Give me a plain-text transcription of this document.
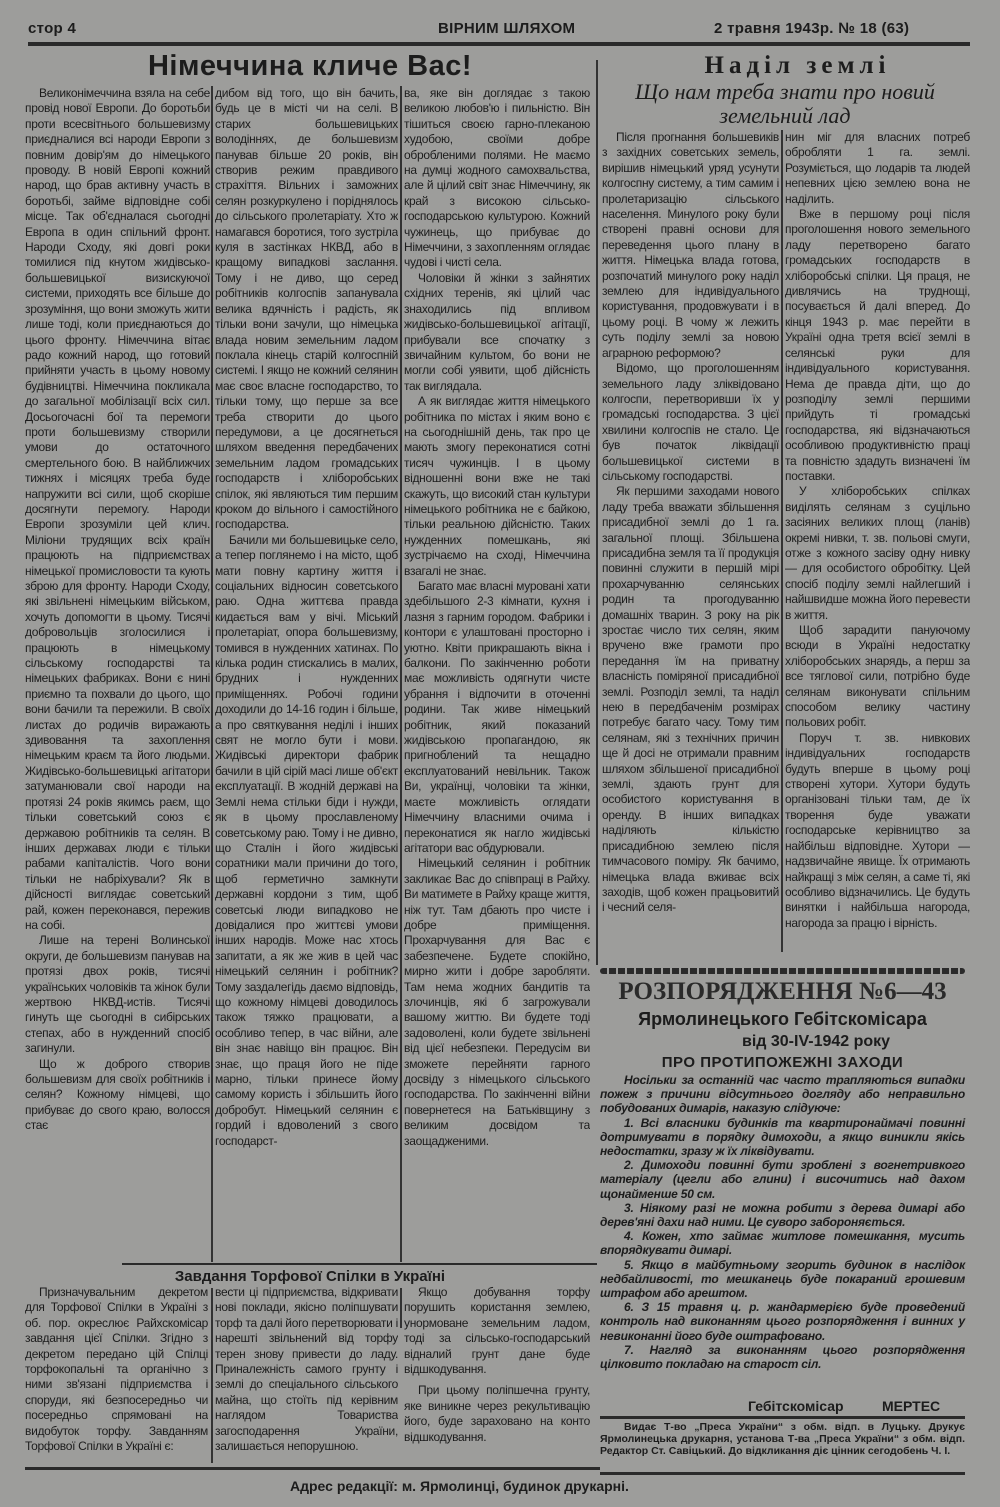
стор 4	ВІРНИМ ШЛЯХОМ	2 травня 1943р. № 18 (63)
Німеччина кличе Вас!

Великонімеччина взяла на себе провід нової Европи. До боротьби проти всесвітнього большевизму приєдналися всі народи Европи з повним довір'ям до німецького проводу. В новій Европі кожний народ, що брав активну участь в боротьбі, займе відповідне собі місце. Так об'єдналася сьогодні Европа в один спільний фронт. Народи Сходу, які довгі роки томилися під кнутом жидівсько-большевицької визискуючої системи, приходять все більше до зрозуміння, що вони зможуть жити лише тоді, коли приєднаються до цього фронту. Німеччина вітає радо кожний народ, що готовий прийняти участь в цьому новому будівництві. Німеччина покликала до загальної мобілізації всіх сил. Досьогочасні бої та перемоги проти большевизму створили умови до остаточного смертельного бою. В найближчих тижнях і місяцях треба буде напружити всі сили, щоб скоріше досягнути перемогу. Народи Европи зрозуміли цей клич. Міліони трудящих всіх країн працюють на підприємствах німецької промисловости та кують зброю для фронту. Народи Сходу, які звільнені німецьким військом, хочуть допомогти в цьому. Тисячі добровольців зголосилися і працюють в німецькому сільському господарстві та німецьких фабриках. Вони є нині приємно та похвали до цього, що вони бачили та пережили. В своїх листах до родичів виражають здивовання та захоплення німецьким краєм та його людьми. Жидівсько-большевицькі агітатори затуманювали свої народи на протязі 24 років якимсь раєм, що тільки советський союз є державою робітників та селян. В інших державах люди є тільки рабами капіталістів. Чого вони тільки не набріхували? Як в дійсності виглядає советський рай, кожен переконався, пережив на собі.

Лише на терені Волинської округи, де большевизм панував на протязі двох років, тисячі українських чоловіків та жінок були жертвою НКВД-истів. Тисячі гинуть ще сьогодні в сибірських степах, або в нужденний спосіб загинули.

Що ж доброго створив большевизм для своїх робітників і селян? Кожному німцеві, що прибуває до свого краю, волосся стає

дибом від того, що він бачить, будь це в місті чи на селі. В старих большевицьких володіннях, де большевизм панував більше 20 років, він створив режим правдивого страхіття. Вільних і заможних селян розкуркулено і поріднялось до сільського пролетаріату. Хто ж намагався боротися, того зустріла куля в застінках НКВД, або в кращому випадкові заслання. Тому і не диво, що серед робітників колгоспів запанувала велика вдячність і радість, як тільки вони зачули, що німецька влада новим земельним ладом поклала кінець старій колгоспній системі. І якщо не кожний селянин має своє власне господарство, то тільки тому, що перше за все треба створити до цього передумови, а це досягнеться шляхом введення передбачених земельним ладом громадських господарств і хліборобських спілок, які являються тим першим кроком до вільного і самостійного господарства.

Бачили ми большевицьке село, а тепер поглянемо і на місто, щоб мати повну картину життя і соціальних відносин советського раю. Одна життєва правда кидається вам у вічі. Міський пролетаріат, опора большевизму, томився в нужденних хатинах. По кілька родин стискались в малих, брудних і нужденних приміщеннях. Робочі години доходили до 14-16 годин і більше, а про святкування неділі і інших свят не могло бути і мови. Жидівські директори фабрик бачили в цій сірій масі лише об'єкт експлуатації. В жодній державі на Землі нема стільки біди і нужди, як в цьому прославленому советському раю. Тому і не дивно, що Сталін і його жидівські соратники мали причини до того, щоб герметично замкнути державні кордони з тим, щоб советські люди випадково не довідалися про життєві умови інших народів. Може нас хтось запитати, а як же жив в цей час німецький селянин і робітник? Тому заздалегідь даємо відповідь, що кожному німцеві доводилось також тяжко працювати, а особливо тепер, в час війни, але він знає навіщо він працює. Він знає, що праця його не піде марно, тільки принесе йому самому користь і збільшить його добробут. Німецький селянин є гордий і вдоволений з свого господарст-

ва, яке він доглядає з такою великою любов'ю і пильністю. Він тішиться своєю гарно-плеканою худобою, своїми добре обробленими полями. Не маємо на думці жодного самохвальства, але й цілий світ знає Німеччину, як край з високою сільсько-господарською культурою. Кожний чужинець, що прибуває до Німеччини, з захопленням оглядає чудові і чисті села.

Чоловіки й жінки з зайнятих східних теренів, які цілий час знаходились під впливом жидівсько-большевицької агітації, прибували все спочатку з звичайним культом, бо вони не могли собі уявити, щоб дійсність так виглядала.

А як виглядає життя німецького робітника по містах і яким воно є на сьогоднішній день, так про це мають змогу переконатися сотні тисяч чужинців. І в цьому відношенні вони вже не такі скажуть, що високий стан культури німецького робітника не є байкою, тільки реальною дійсністю. Таких нужденних помешкань, які зустрічаємо на сході, Німеччина взагалі не знає.

Багато має власні муровані хати здебільшого 2-3 кімнати, кухня і лазня з гарним городом. Фабрики і контори є улаштовані просторно і уютно. Квіти прикрашають вікна і балкони. По закінченню роботи має можливість одягнути чисте убрання і відпочити в оточенні родини. Так живе німецький робітник, який показаний жидівською пропагандою, як пригноблений та нещадно експлуатований невільник. Також Ви, українці, чоловіки та жінки, маєте можливість оглядати Німеччину власними очима і переконатися як нагло жидівські агітатори вас обдурювали.

Німецький селянин і робітник закликає Вас до співпраці в Райху. Ви матимете в Райху краще життя, ніж тут. Там дбають про чисте і добре приміщення. Прохарчування для Вас є забезпечене. Будете спокійно, мирно жити і добре заробляти. Там нема жодних бандитів та злочинців, які б загрожували вашому життю. Ви будете тоді задоволені, коли будете звільнені від цієї небезпеки. Передусім ви зможете перейняти гарного досвіду з німецького сільського господарства. По закінченні війни повернетеся на Батьківщину з великим досвідом та заощадженими.

Наділ землі
Що нам треба знати про новий земельний лад

Після прогнання большевиків з західних советських земель, вирішив німецький уряд усунути колгоспну систему, а тим самим і пролетаризацію сільського населення. Минулого року були створені правні основи для переведення цього плану в життя. Німецька влада готова, розпочатий минулого року наділ землею для індивідуального користування, продовжувати і в цьому році. В чому ж лежить суть поділу землі за новою аграрною реформою?

Відомо, що проголошенням земельного ладу зліквідовано колгоспи, перетворивши їх у громадські господарства. З цієї хвилини колгоспів не стало. Це був початок ліквідації большевицької системи в сільському господарстві.

Як першими заходами нового ладу треба вважати збільшення присадибної землі до 1 га. загальної площі. Збільшена присадибна земля та її продукція повинні служити в першій мірі прохарчуванню селянських родин та прогодуванню домашніх тварин. З року на рік зростає число тих селян, яким вручено вже грамоти про передання їм на приватну власність поміряної присадибної землі. Розподіл землі, та наділ нею в передбаченім розмірах потребує багато часу. Тому тим селянам, які з технічних причин ще й досі не отримали правним шляхом збільшеної присадибної землі, здають грунт для особистого користування в оренду. В інших випадках наділяють кількістю присадибною землею після тимчасового поміру. Як бачимо, німецька влада вживає всіх заходів, щоб кожен працьовитий і чесний селя-

нин міг для власних потреб обробляти 1 га. землі. Розуміється, що лодарів та людей непевних цією землею вона не наділить.

Вже в першому році після проголошення нового земельного ладу перетворено багато громадських господарств в хліборобські спілки. Ця праця, не дивлячись на труднощі, посувається й далі вперед. До кінця 1943 р. має перейти в Україні одна третя всієї землі в селянські руки для індивідуального користування. Нема де правда діти, що до розподілу землі першими прийдуть ті громадські господарства, які відзначаються особливою продуктивністю праці та повністю здадуть визначені їм поставки.

У хліборобських спілках виділять селянам з суцільно засіяних великих площ (ланів) окремі нивки, т. зв. польові смуги, отже з кожного засіву одну нивку — для особистого обробітку. Цей спосіб поділу землі найлегший і найшвидше можна його перевести в життя.

Щоб зарадити пануючому всюди в Україні недостатку хліборобських знарядь, а перш за все тяглової сили, потрібно буде селянам виконувати спільним способом велику частину польових робіт.

Поруч т. зв. нивкових індивідуальних господарств будуть вперше в цьому році створені хутори. Хутори будуть організовані тільки там, де їх творення буде уважати господарське керівництво за найбільш відповідне. Хутори — надзвичайне явище. Їх отримають найкращі з між селян, а саме ті, які особливо відзначились. Це будуть винятки і найбільша нагорода, нагорода за працю і вірність.

РОЗПОРЯДЖЕННЯ №6—43
Ярмолинецького Гебітскомісара
від 30-IV-1942 року
ПРО ПРОТИПОЖЕЖНІ ЗАХОДИ

Носільки за останній час часто трапляються випадки пожеж з причини відсутнього догляду або неправильно побудованих димарів, наказую слідуюче:

1. Всі власники будинків та квартиронаймачі повинні дотримувати в порядку димоходи, а якщо виникли якісь недостатки, зразу ж їх ліквідувати.

2. Димоходи повинні бути зроблені з вогнетривкого матеріалу (цегли або глини) і височитись над дахом щонайменше 50 см.

3. Ніякому разі не можна робити з дерева димарі або дерев'яні дахи над ними. Це суворо забороняється.

4. Кожен, хто займає житлове помешкання, мусить впорядкувати димарі.

5. Якщо в майбутньому згорить будинок в наслідок недбайливості, то мешканець буде покараний грошевим штрафом або арештом.

6. З 15 травня ц. р. жандармерією буде проведений контроль над виконанням цього розпорядження і винних у невиконанні його буде оштрафовано.

7. Нагляд за виконанням цього розпорядження цілковито покладаю на старост сіл.

Гебітскомісар	МЕРТЕС
Видає Т-во „Преса України“ з обм. відп. в Луцьку. Друкує Ярмолинецька друкарня, установа Т-ва „Преса України“ з обм. відп. Редактор Ст. Савіцький. До відкликання діє цінник сегодобень Ч. І.
Завдання Торфової Спілки в Україні

Призначувальним декретом для Торфової Спілки в Україні з об. пор. окреслює Райхскомісар завдання цієї Спілки. Згідно з декретом передано цій Спілці торфокопальні та органічно з ними зв'язані підприємства і споруди, які безпосередньо чи посередньо спрямовані на видобуток торфу. Завданням Торфової Спілки в Україні є:

вести ці підприємства, відкривати нові поклади, якісно поліпшувати торф та далі його перетворювати і нарешті звільнений від торфу терен знову привести до ладу. Приналежність самого грунту і землі до спеціального сільського майна, що стоїть під керівним наглядом Товариства загосподарення України, залишається непорушною.

Якщо добування торфу порушить користання землею, унормоване земельним ладом, тоді за сільсько-господарський відналий грунт дане буде відшкодування.

При цьому поліпшечна грунту, яке виникне через рекультивацію його, буде зараховано на конто відшкодування.

Адрес редакції: м. Ярмолинці, будинок друкарні.
